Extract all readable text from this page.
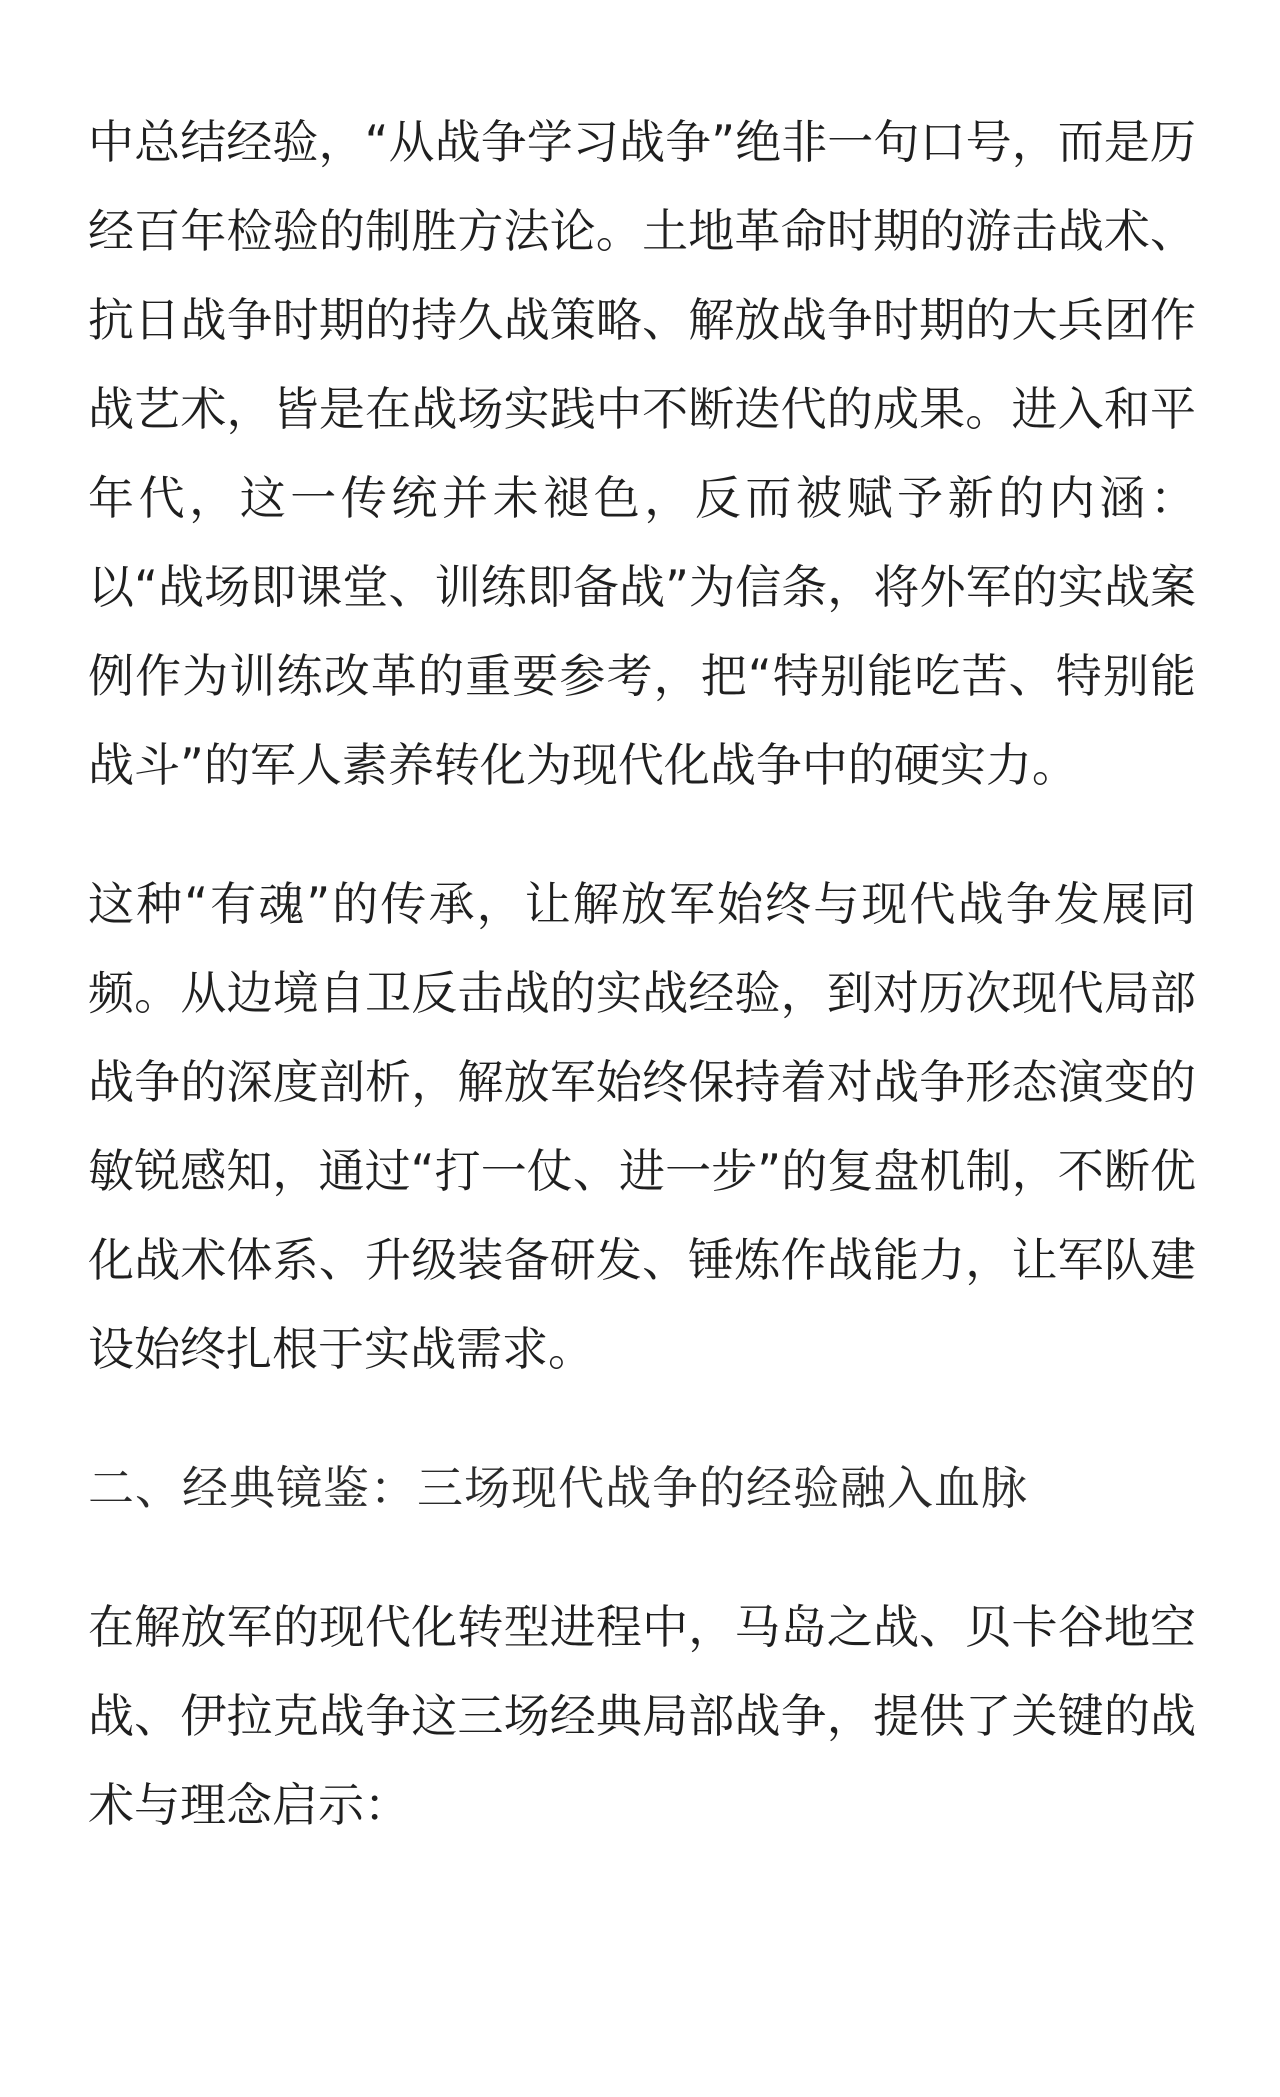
中总结经验，“从战争学习战争”绝非一句口号，而是历经百年检验的制胜方法论。土地革命时期的游击战术、抗日战争时期的持久战策略、解放战争时期的大兵团作战艺术，皆是在战场实践中不断迭代的成果。进入和平年代，这一传统并未褪色，反而被赋予新的内涵：以“战场即课堂、训练即备战”为信条，将外军的实战案例作为训练改革的重要参考，把“特别能吃苦、特别能战斗”的军人素养转化为现代化战争中的硬实力。

这种“有魂”的传承，让解放军始终与现代战争发展同频。从边境自卫反击战的实战经验，到对历次现代局部战争的深度剖析，解放军始终保持着对战争形态演变的敏锐感知，通过“打一仗、进一步”的复盘机制，不断优化战术体系、升级装备研发、锤炼作战能力，让军队建设始终扎根于实战需求。

二、经典镜鉴：三场现代战争的经验融入血脉

在解放军的现代化转型进程中，马岛之战、贝卡谷地空战、伊拉克战争这三场经典局部战争，提供了关键的战术与理念启示：
